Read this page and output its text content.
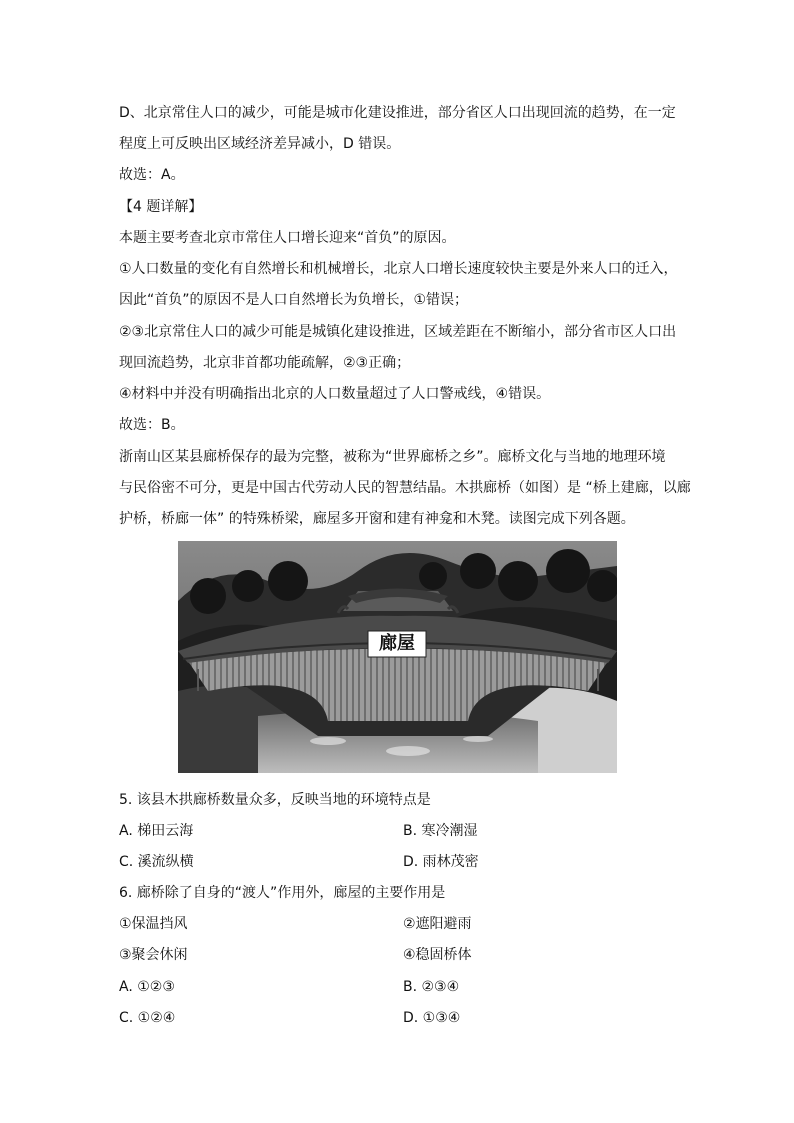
D、北京常住人口的减少，可能是城市化建设推进，部分省区人口出现回流的趋势，在一定
程度上可反映出区域经济差异减小，D 错误。
故选：A。
【4 题详解】
本题主要考查北京市常住人口增长迎来“首负”的原因。
①人口数量的变化有自然增长和机械增长，北京人口增长速度较快主要是外来人口的迁入，
因此“首负”的原因不是人口自然增长为负增长，①错误；
②③北京常住人口的减少可能是城镇化建设推进，区域差距在不断缩小，部分省市区人口出
现回流趋势，北京非首都功能疏解，②③正确；
④材料中并没有明确指出北京的人口数量超过了人口警戒线，④错误。
故选：B。
浙南山区某县廊桥保存的最为完整，被称为“世界廊桥之乡”。廊桥文化与当地的地理环境
与民俗密不可分，更是中国古代劳动人民的智慧结晶。木拱廊桥（如图）是 “桥上建廊，以廊
护桥，桥廊一体” 的特殊桥梁，廊屋多开窗和建有神龛和木凳。读图完成下列各题。
廊屋
5. 该县木拱廊桥数量众多，反映当地的环境特点是
A. 梯田云海	B. 寒冷潮湿
C. 溪流纵横	D. 雨林茂密
6. 廊桥除了自身的“渡人”作用外，廊屋的主要作用是
①保温挡风	②遮阳避雨
③聚会休闲	④稳固桥体
A. ①②③	B. ②③④
C. ①②④	D. ①③④
